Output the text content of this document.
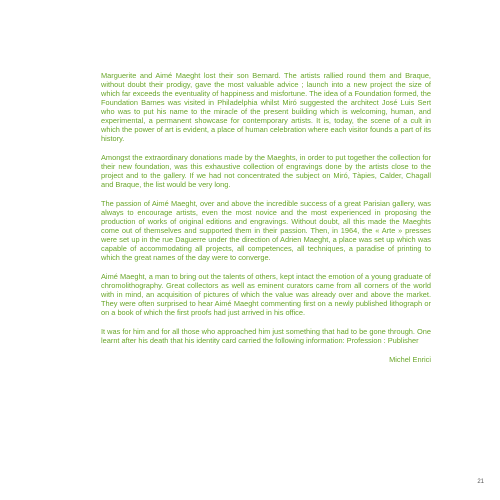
Marguerite and Aimé Maeght lost their son Bernard. The artists rallied round them and Braque, without doubt their prodigy, gave the most valuable advice ; launch into a new project the size of which far exceeds the eventuality of happiness and misfortune. The idea of a Foundation formed, the Foundation Barnes was visited in Philadelphia whilst Miró suggested the architect José Luis Sert who was to put his name to the miracle of the present building which is welcoming, human, and experimental, a permanent showcase for contemporary artists. It is, today, the scene of a cult in which the power of art is evident, a place of human celebration where each visitor founds a part of its history.

Amongst the extraordinary donations made by the Maeghts, in order to put together the collection for their new foundation, was this exhaustive collection of engravings done by the artists close to the project and to the gallery. If we had not concentrated the subject on Miró, Tàpies, Calder, Chagall and Braque, the list would be very long.

The passion of Aimé Maeght, over and above the incredible success of a great Parisian gallery, was always to encourage artists, even the most novice and the most experienced in proposing the production of works of original editions and engravings. Without doubt, all this made the Maeghts come out of themselves and supported them in their passion. Then, in 1964, the « Arte » presses were set up in the rue Daguerre under the direction of Adrien Maeght, a place was set up which was capable of accommodating all projects, all competences, all techniques, a paradise of printing to which the great names of the day were to converge.

Aimé Maeght, a man to bring out the talents of others, kept intact the emotion of a young graduate of chromolithography. Great collectors as well as eminent curators came from all corners of the world with in mind, an acquisition of pictures of which the value was already over and above the market. They were often surprised to hear Aimé Maeght commenting first on a newly published lithograph or on a book of which the first proofs had just arrived in his office.

It was for him and for all those who approached him just something that had to be gone through. One learnt after his death that his identity card carried the following information: Profession : Publisher

Michel Enrici

21
